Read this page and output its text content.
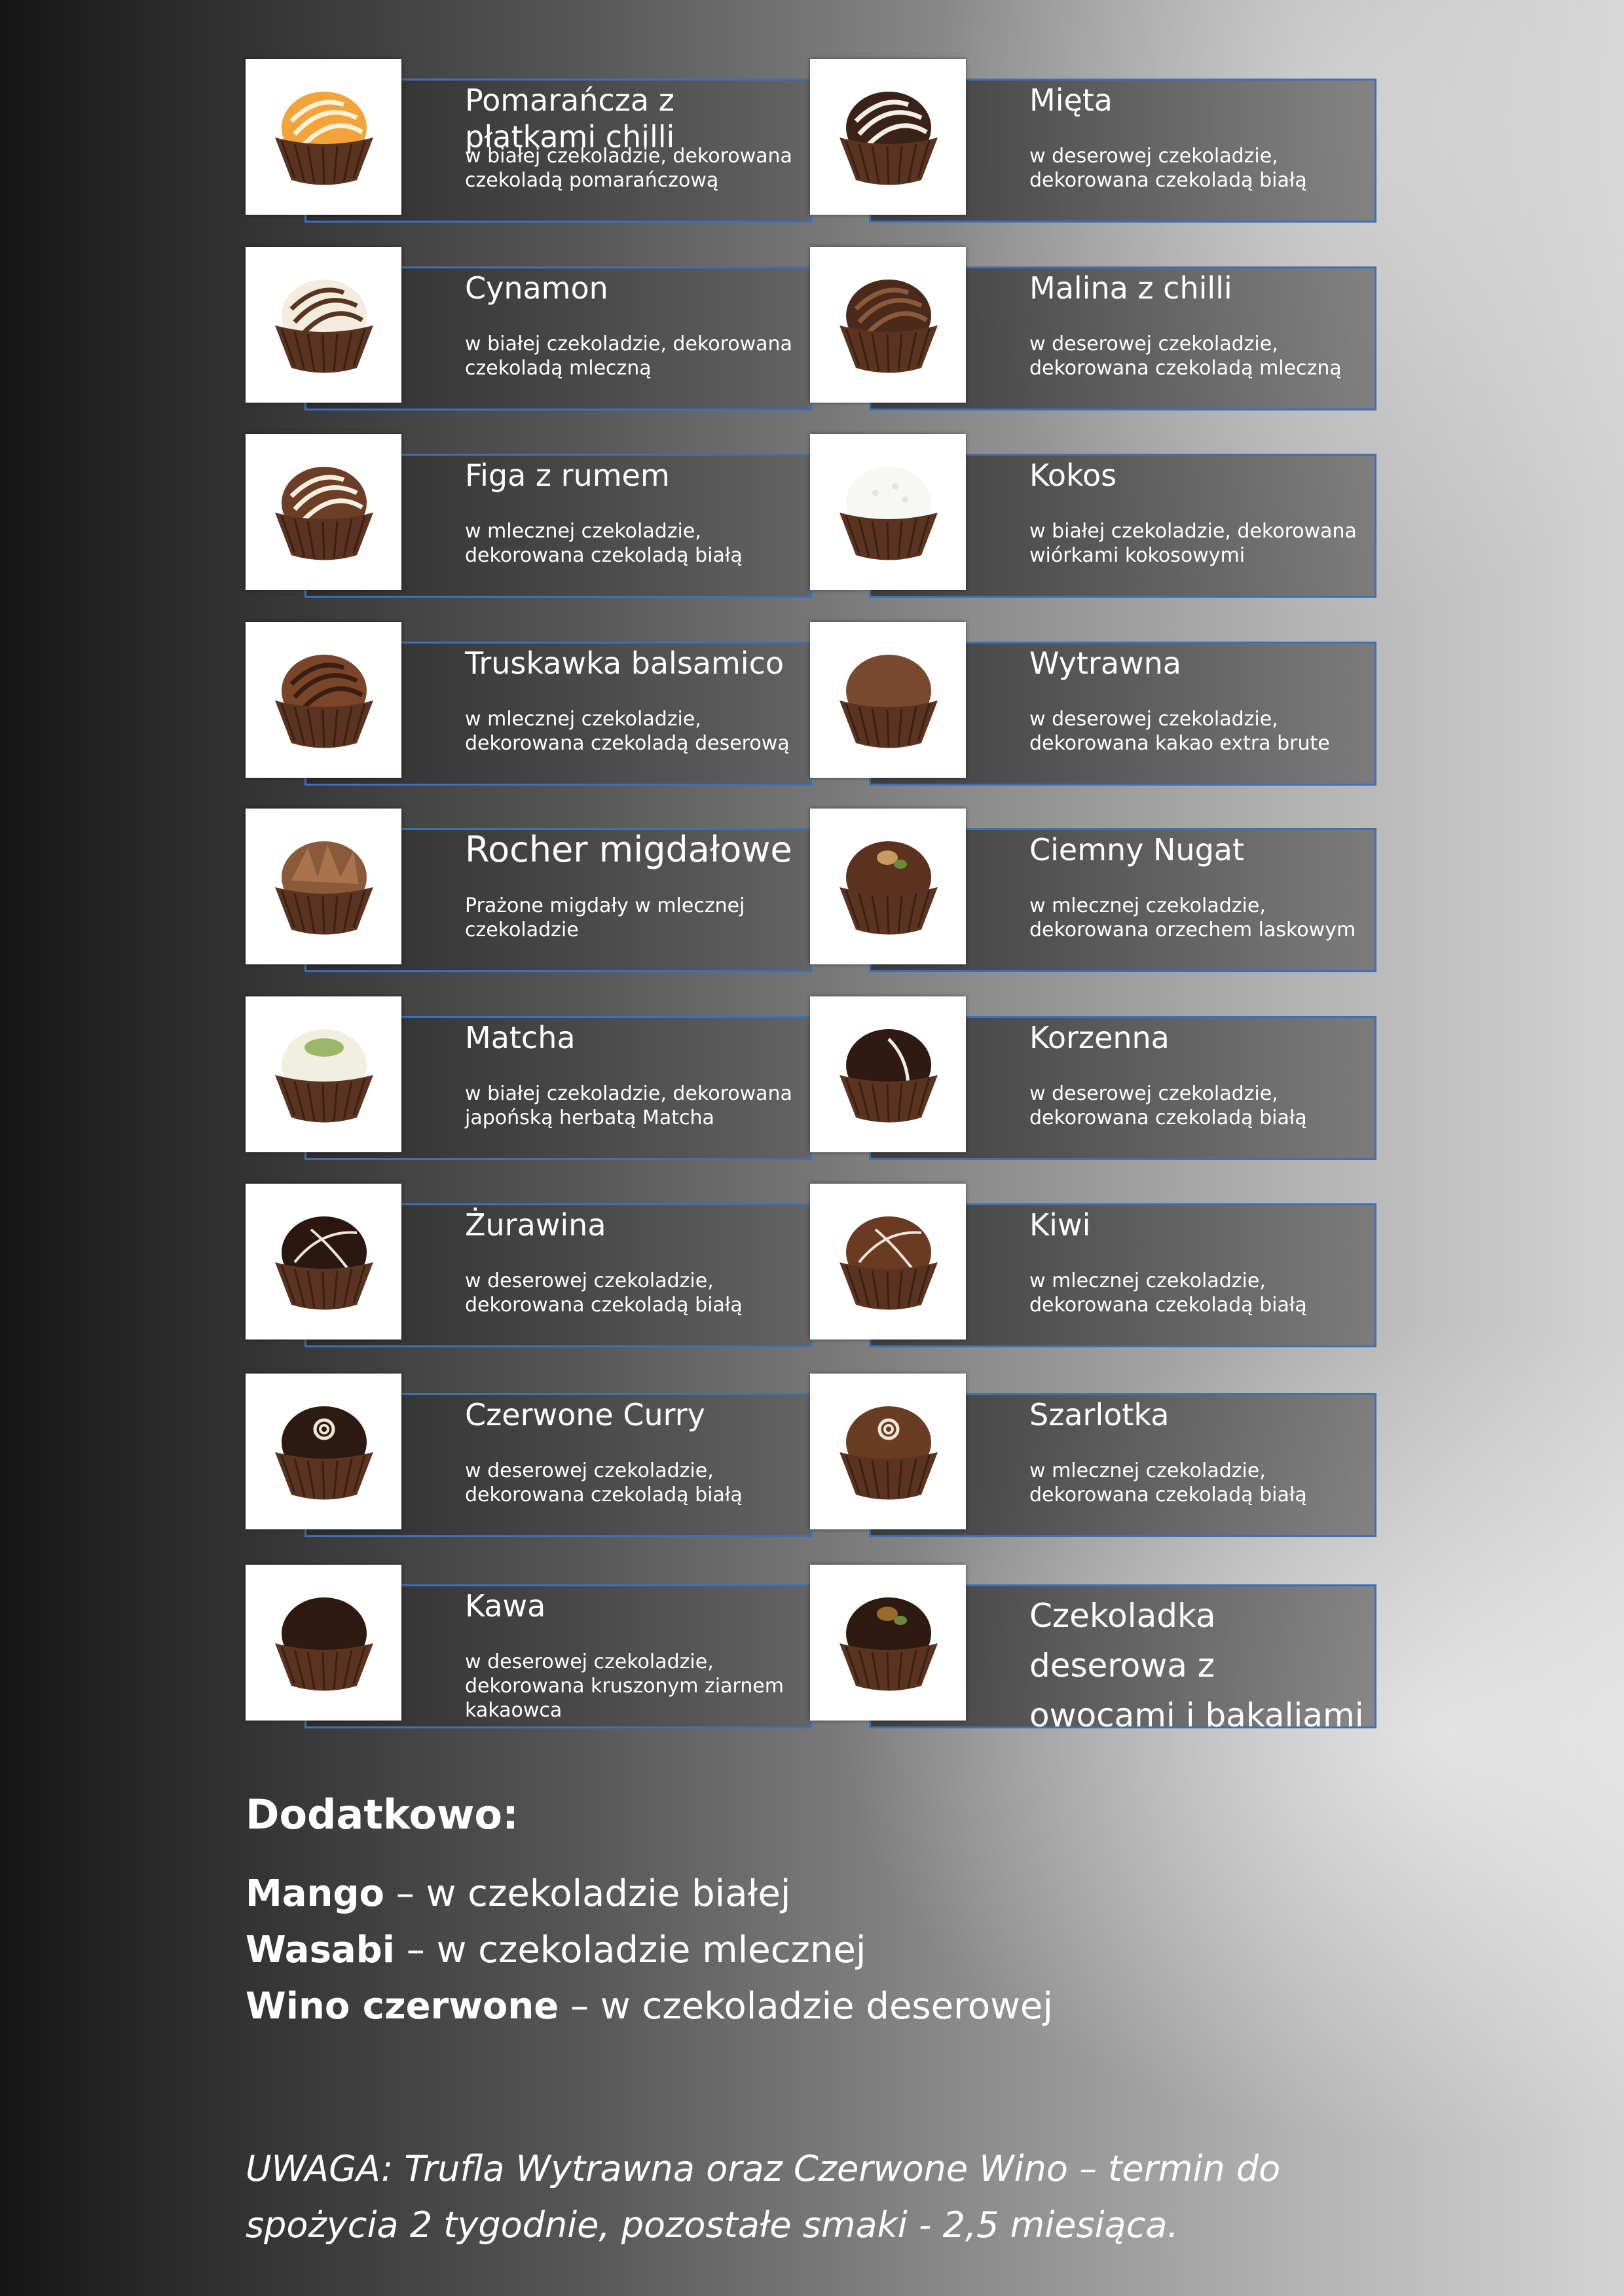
Pomarańcza z płatkami chilli
w białej czekoladzie, dekorowana czekoladą pomarańczową
Mięta
w deserowej czekoladzie, dekorowana czekoladą białą
Cynamon
w białej czekoladzie, dekorowana czekoladą mleczną
Malina z chilli
w deserowej czekoladzie, dekorowana czekoladą mleczną
Figa z rumem
w mlecznej czekoladzie, dekorowana czekoladą białą
Kokos
w białej czekoladzie, dekorowana wiórkami kokosowymi
Truskawka balsamico
w mlecznej czekoladzie, dekorowana czekoladą deserową
Wytrawna
w deserowej czekoladzie, dekorowana kakao extra brute
Rocher migdałowe
Prażone migdały w mlecznej czekoladzie
Ciemny Nugat
w mlecznej czekoladzie, dekorowana orzechem laskowym
Matcha
w białej czekoladzie, dekorowana japońską herbatą Matcha
Korzenna
w deserowej czekoladzie, dekorowana czekoladą białą
Żurawina
w deserowej czekoladzie, dekorowana czekoladą białą
Kiwi
w mlecznej czekoladzie, dekorowana czekoladą białą
Czerwone Curry
w deserowej czekoladzie, dekorowana czekoladą białą
Szarlotka
w mlecznej czekoladzie, dekorowana czekoladą białą
Kawa
w deserowej czekoladzie, dekorowana kruszonym ziarnem kakaowca
Czekoladka deserowa z owocami i bakaliami
Dodatkowo:
Mango – w czekoladzie białej
Wasabi – w czekoladzie mlecznej
Wino czerwone – w czekoladzie deserowej
UWAGA: Trufla Wytrawna oraz Czerwone Wino – termin do spożycia 2 tygodnie, pozostałe smaki - 2,5 miesiąca.
